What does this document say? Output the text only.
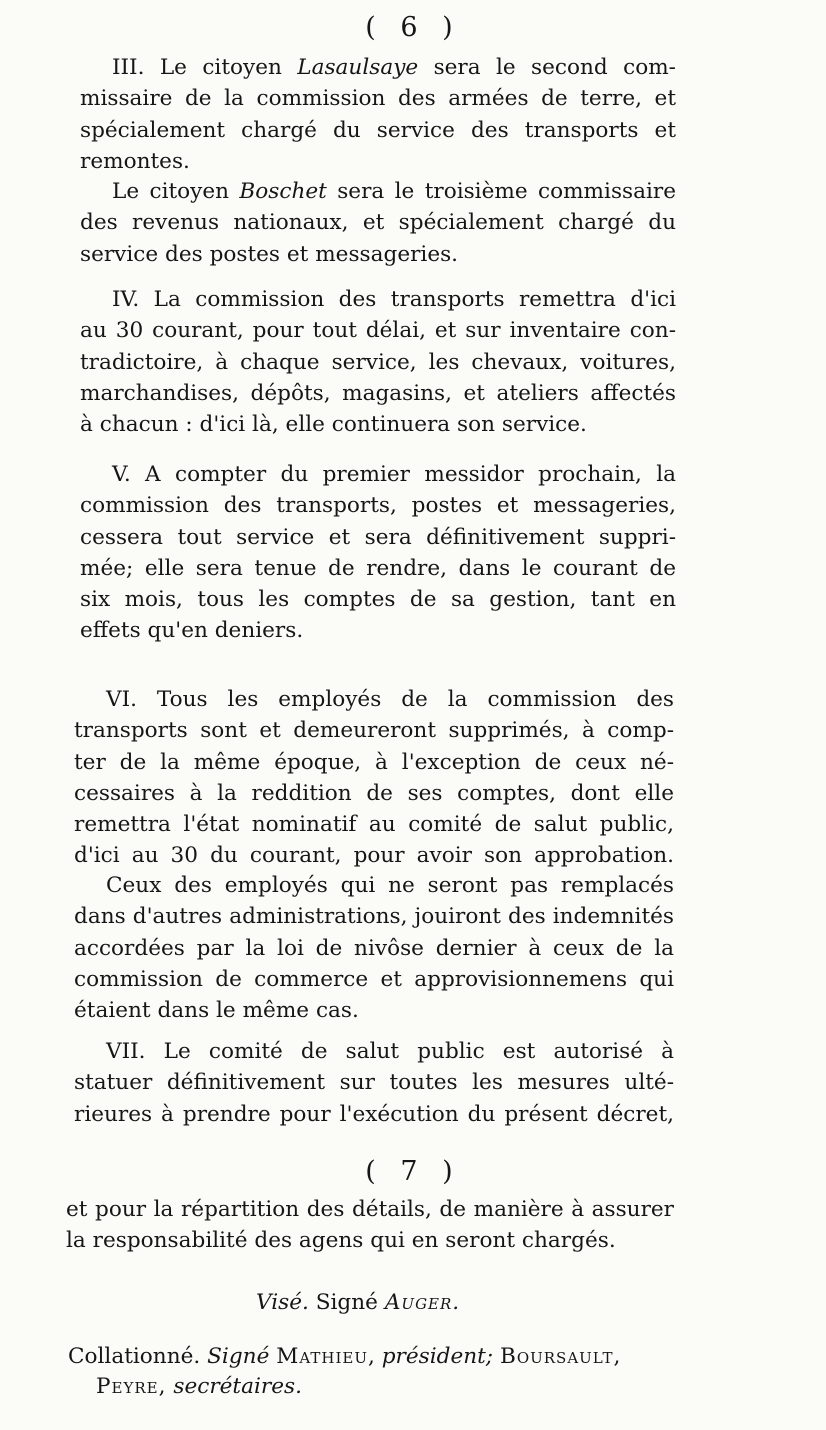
( 6 )
III. Le citoyen Lasaulsaye sera le second com-
missaire de la commission des armées de terre, et
spécialement chargé du service des transports et
remontes.
Le citoyen Boschet sera le troisième commissaire
des revenus nationaux, et spécialement chargé du
service des postes et messageries.
IV. La commission des transports remettra d'ici
au 30 courant, pour tout délai, et sur inventaire con-
tradictoire, à chaque service, les chevaux, voitures,
marchandises, dépôts, magasins, et ateliers affectés
à chacun : d'ici là, elle continuera son service.
V. A compter du premier messidor prochain, la
commission des transports, postes et messageries,
cessera tout service et sera définitivement suppri-
mée; elle sera tenue de rendre, dans le courant de
six mois, tous les comptes de sa gestion, tant en
effets qu'en deniers.
VI. Tous les employés de la commission des
transports sont et demeureront supprimés, à comp-
ter de la même époque, à l'exception de ceux né-
cessaires à la reddition de ses comptes, dont elle
remettra l'état nominatif au comité de salut public,
d'ici au 30 du courant, pour avoir son approbation.
Ceux des employés qui ne seront pas remplacés
dans d'autres administrations, jouiront des indemnités
accordées par la loi de nivôse dernier à ceux de la
commission de commerce et approvisionnemens qui
étaient dans le même cas.
VII. Le comité de salut public est autorisé à
statuer définitivement sur toutes les mesures ulté-
rieures à prendre pour l'exécution du présent décret,
( 7 )
et pour la répartition des détails, de manière à assurer
la responsabilité des agens qui en seront chargés.
Visé. Signé Auger.
Collationné. Signé Mathieu, président; Boursault,
Peyre, secrétaires.
